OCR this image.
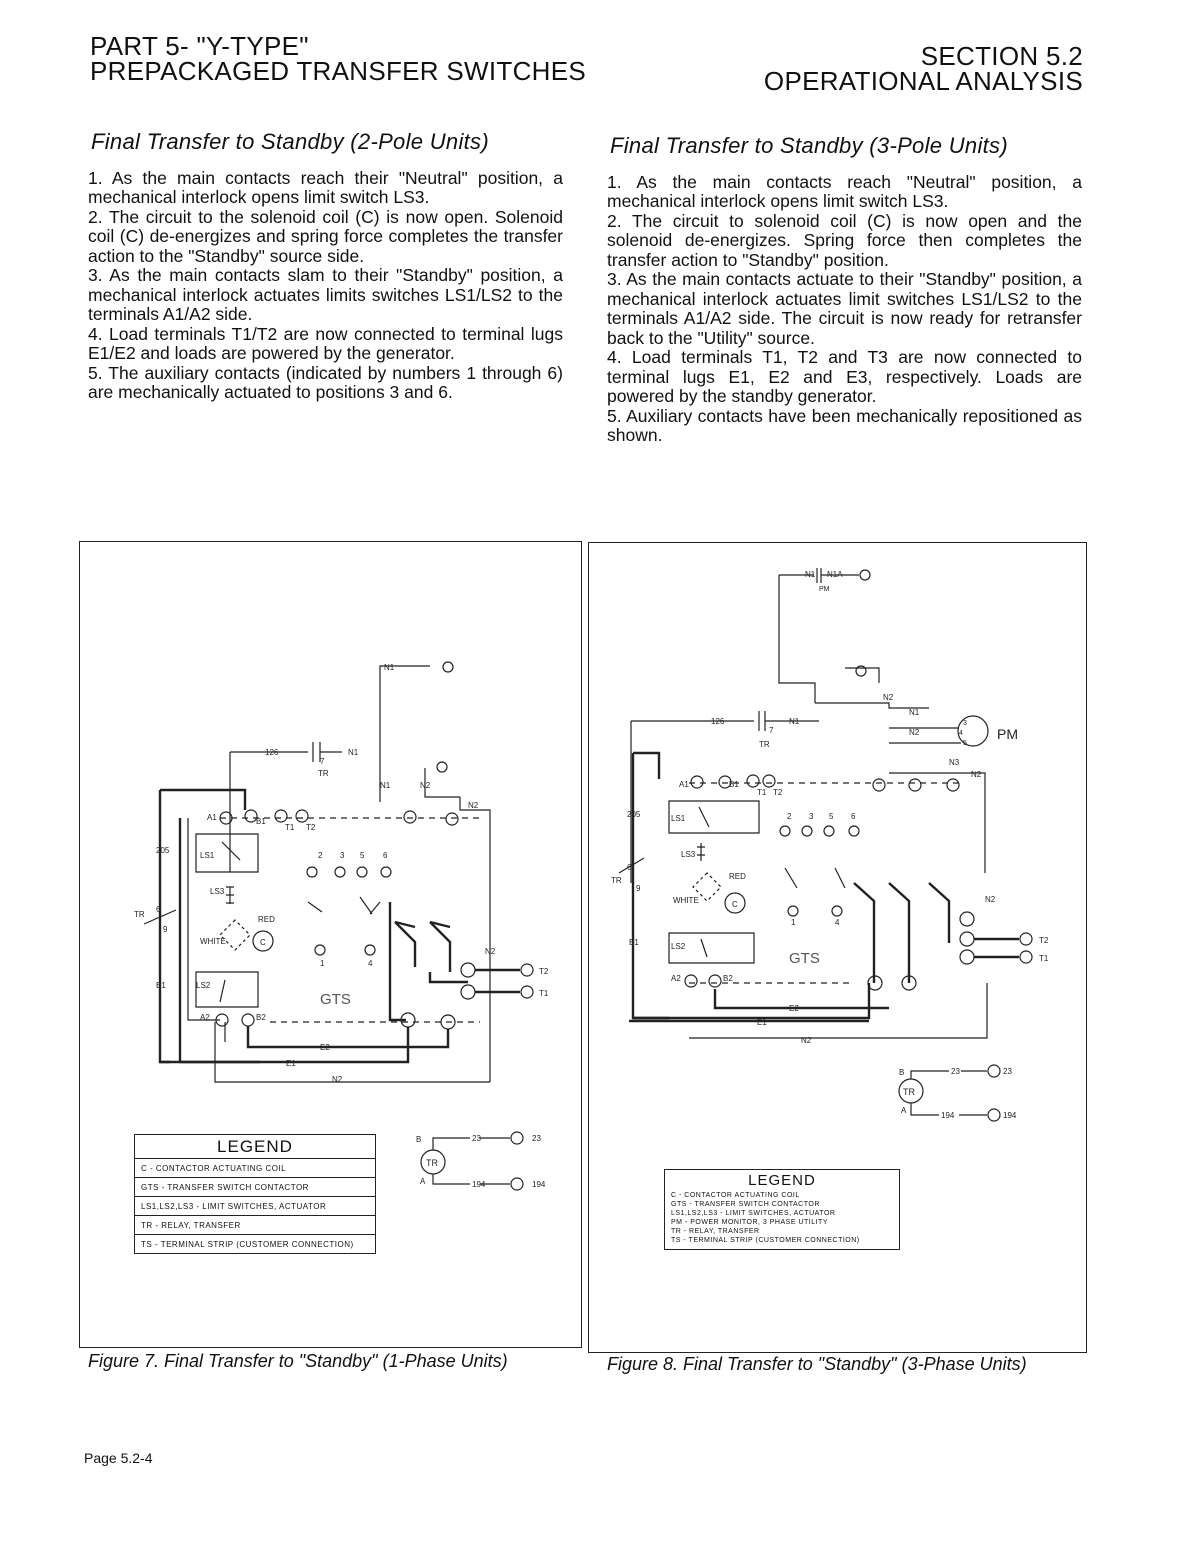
PART 5- "Y-TYPE"
PREPACKAGED TRANSFER SWITCHES	SECTION 5.2
OPERATIONAL ANALYSIS
Final Transfer to Standby (2-Pole Units)

1. As the main contacts reach their "Neutral" position, a mechanical interlock opens limit switch LS3.

2. The circuit to the solenoid coil (C) is now open. Solenoid coil (C) de-energizes and spring force completes the transfer action to the "Standby" source side.

3. As the main contacts slam to their "Standby" position, a mechanical interlock actuates limits switches LS1/LS2 to the terminals A1/A2 side.

4. Load terminals T1/T2 are now connected to terminal lugs E1/E2 and loads are powered by the generator.

5. The auxiliary contacts (indicated by numbers 1 through 6) are mechanically actuated to positions 3 and 6.

Final Transfer to Standby (3-Pole Units)

1. As the main contacts reach "Neutral" position, a mechanical interlock opens limit switch LS3.

2. The circuit to solenoid coil (C) is now open and the solenoid de-energizes. Spring force then completes the transfer action to "Standby" position.

3. As the main contacts actuate to their "Standby" position, a mechanical interlock actuates limit switches LS1/LS2 to the terminals A1/A2 side. The circuit is now ready for retransfer back to the "Utility" source.

4. Load terminals T1, T2 and T3 are now connected to terminal lugs E1, E2 and E3, respectively. Loads are powered by the standby generator.

5. Auxiliary contacts have been mechanically repositioned as shown.

N1
N1	N2
N2
N2
N2
126
TR
N1
205
TR
6
9
7
E1
A1	B1
T1 T2
LS1
LS3
RED
WHITE	C
LS2
A2	B2
2 3 5 6
1	4
T2
T1
E2
E1
TR
B
A
23	23
194	194
GTS
LEGEND
C - CONTACTOR ACTUATING COIL
GTS - TRANSFER SWITCH CONTACTOR
LS1,LS2,LS3 - LIMIT SWITCHES, ACTUATOR
TR - RELAY, TRANSFER
TS - TERMINAL STRIP (CUSTOMER CONNECTION)
N1 N1A
PM
N2
N1
N2
N3
N2
N2
N2
PM
3
4
5
126
TR
7
N1
205
TR
6
9
E1
A1	B1
T1 T2
LS1
LS3
RED
WHITE	C
LS2
A2	B2
2 3 5 6
1	4
T2
T1
E2
E1
TR
B
A
23	23
194	194
GTS
LEGEND
C - CONTACTOR ACTUATING COIL
GTS - TRANSFER SWITCH CONTACTOR
LS1,LS2,LS3 - LIMIT SWITCHES, ACTUATOR
PM - POWER MONITOR, 3 PHASE UTILITY
TR - RELAY, TRANSFER
TS - TERMINAL STRIP (CUSTOMER CONNECTION)
Figure 7. Final Transfer to "Standby" (1-Phase Units)	Figure 8. Final Transfer to "Standby" (3-Phase Units)
Page 5.2-4
